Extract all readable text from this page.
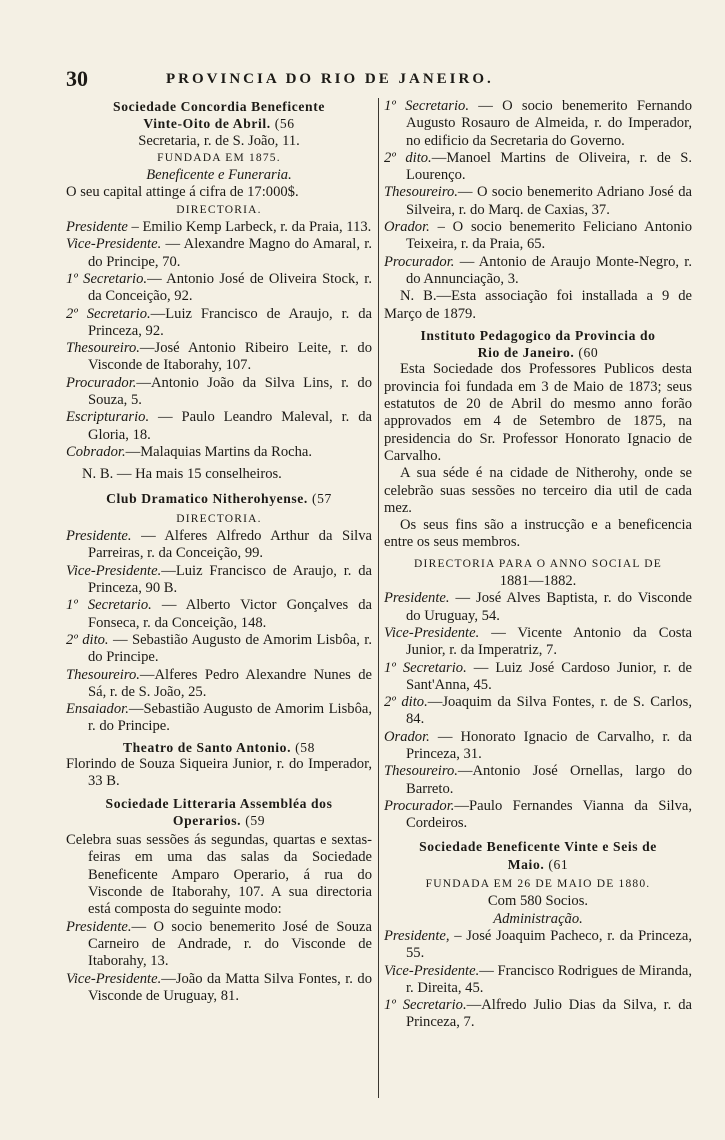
30	PROVINCIA DO RIO DE JANEIRO.

Sociedade Concordia Beneficente

Vinte-Oito de Abril. (56

Secretaria, r. de S. João, 11.

FUNDADA EM 1875.

Beneficente e Funeraria.

O seu capital attinge á cifra de 17:000$.

DIRECTORIA.

Presidente – Emilio Kemp Larbeck, r. da Praia, 113.

Vice-Presidente. — Alexandre Magno do Amaral, r. do Principe, 70.

1º Secretario.— Antonio José de Oliveira Stock, r. da Conceição, 92.

2º Secretario.—Luiz Francisco de Araujo, r. da Princeza, 92.

Thesoureiro.—José Antonio Ribeiro Leite, r. do Visconde de Itaborahy, 107.

Procurador.—Antonio João da Silva Lins, r. do Souza, 5.

Escripturario. — Paulo Leandro Maleval, r. da Gloria, 18.

Cobrador.—Malaquias Martins da Rocha.

N. B. — Ha mais 15 conselheiros.

Club Dramatico Nitherohyense. (57

DIRECTORIA.

Presidente. — Alferes Alfredo Arthur da Silva Parreiras, r. da Conceição, 99.

Vice-Presidente.—Luiz Francisco de Araujo, r. da Princeza, 90 B.

1º Secretario. — Alberto Victor Gonçalves da Fonseca, r. da Conceição, 148.

2º dito. — Sebastião Augusto de Amorim Lisbôa, r. do Principe.

Thesoureiro.—Alferes Pedro Alexandre Nunes de Sá, r. de S. João, 25.

Ensaiador.—Sebastião Augusto de Amorim Lisbôa, r. do Principe.

Theatro de Santo Antonio. (58

Florindo de Souza Siqueira Junior, r. do Imperador, 33 B.

Sociedade Litteraria Assembléa dos

Operarios. (59

Celebra suas sessões ás segundas, quartas e sextas-feiras em uma das salas da Sociedade Beneficente Amparo Operario, á rua do Visconde de Itaborahy, 107. A sua directoria está composta do seguinte modo:

Presidente.— O socio benemerito José de Souza Carneiro de Andrade, r. do Visconde de Itaborahy, 13.

Vice-Presidente.—João da Matta Silva Fontes, r. do Visconde de Uruguay, 81.

1º Secretario. — O socio benemerito Fernando Augusto Rosauro de Almeida, r. do Imperador, no edificio da Secretaria do Governo.

2º dito.—Manoel Martins de Oliveira, r. de S. Lourenço.

Thesoureiro.— O socio benemerito Adriano José da Silveira, r. do Marq. de Caxias, 37.

Orador. – O socio benemerito Feliciano Antonio Teixeira, r. da Praia, 65.

Procurador. — Antonio de Araujo Monte-Negro, r. do Annunciação, 3.

N. B.—Esta associação foi installada a 9 de Março de 1879.

Instituto Pedagogico da Provincia do

Rio de Janeiro. (60

Esta Sociedade dos Professores Publicos desta provincia foi fundada em 3 de Maio de 1873; seus estatutos de 20 de Abril do mesmo anno forão approvados em 4 de Setembro de 1875, na presidencia do Sr. Professor Honorato Ignacio de Carvalho.

A sua séde é na cidade de Nitherohy, onde se celebrão suas sessões no terceiro dia util de cada mez.

Os seus fins são a instrucção e a beneficencia entre os seus membros.

DIRECTORIA PARA O ANNO SOCIAL DE

1881—1882.

Presidente. — José Alves Baptista, r. do Visconde do Uruguay, 54.

Vice-Presidente. — Vicente Antonio da Costa Junior, r. da Imperatriz, 7.

1º Secretario. — Luiz José Cardoso Junior, r. de Sant'Anna, 45.

2º dito.—Joaquim da Silva Fontes, r. de S. Carlos, 84.

Orador. — Honorato Ignacio de Carvalho, r. da Princeza, 31.

Thesoureiro.—Antonio José Ornellas, largo do Barreto.

Procurador.—Paulo Fernandes Vianna da Silva, Cordeiros.

Sociedade Beneficente Vinte e Seis de

Maio. (61

FUNDADA EM 26 DE MAIO DE 1880.

Com 580 Socios.

Administração.

Presidente, – José Joaquim Pacheco, r. da Princeza, 55.

Vice-Presidente.— Francisco Rodrigues de Miranda, r. Direita, 45.

1º Secretario.—Alfredo Julio Dias da Silva, r. da Princeza, 7.
